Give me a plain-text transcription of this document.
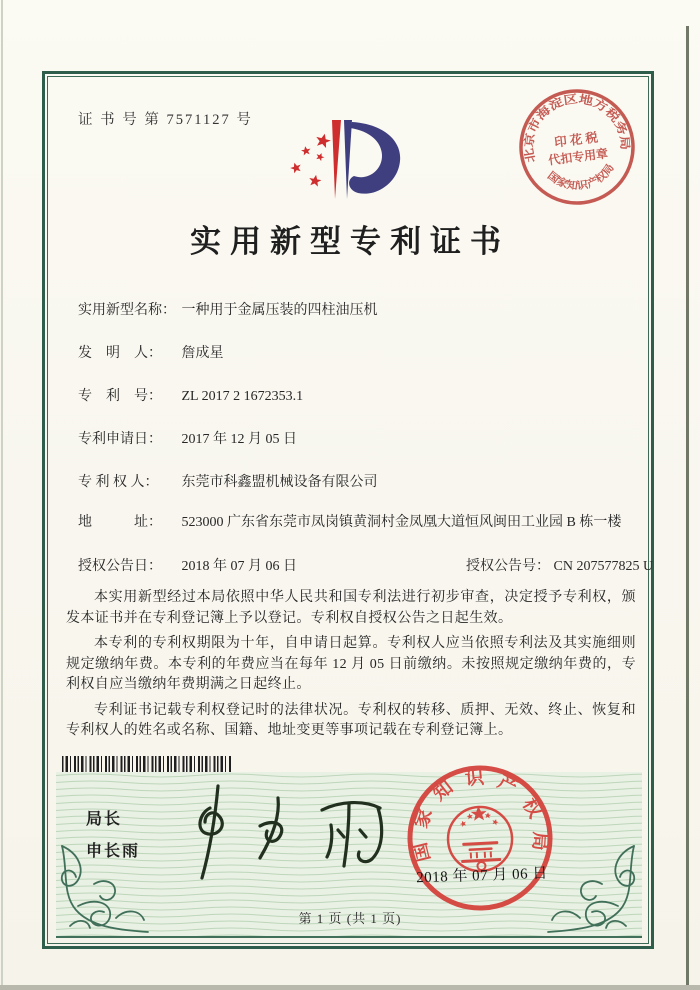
证 书 号 第 7571127 号
北京市海淀区地方税务局
国家知识产权局
印 花 税
代扣专用章
实用新型专利证书
实用新型名称： 一种用于金属压装的四柱油压机
发　明　人： 詹成星
专　利　号： ZL 2017 2 1672353.1
专利申请日： 2017 年 12 月 05 日
专 利 权 人： 东莞市科鑫盟机械设备有限公司
地　　　址： 523000 广东省东莞市凤岗镇黄洞村金凤凰大道恒风闽田工业园 B 栋一楼
授权公告日： 2018 年 07 月 06 日	授权公告号： CN 207577825 U

本实用新型经过本局依照中华人民共和国专利法进行初步审查，决定授予专利权，颁发本证书并在专利登记簿上予以登记。专利权自授权公告之日起生效。

本专利的专利权期限为十年，自申请日起算。专利权人应当依照专利法及其实施细则规定缴纳年费。本专利的年费应当在每年 12 月 05 日前缴纳。未按照规定缴纳年费的，专利权自应当缴纳年费期满之日起终止。

专利证书记载专利权登记时的法律状况。专利权的转移、质押、无效、终止、恢复和专利权人的姓名或名称、国籍、地址变更等事项记载在专利登记簿上。

局长
申长雨	国家知识产权局
2018 年 07 月 06 日
第 1 页 (共 1 页)
